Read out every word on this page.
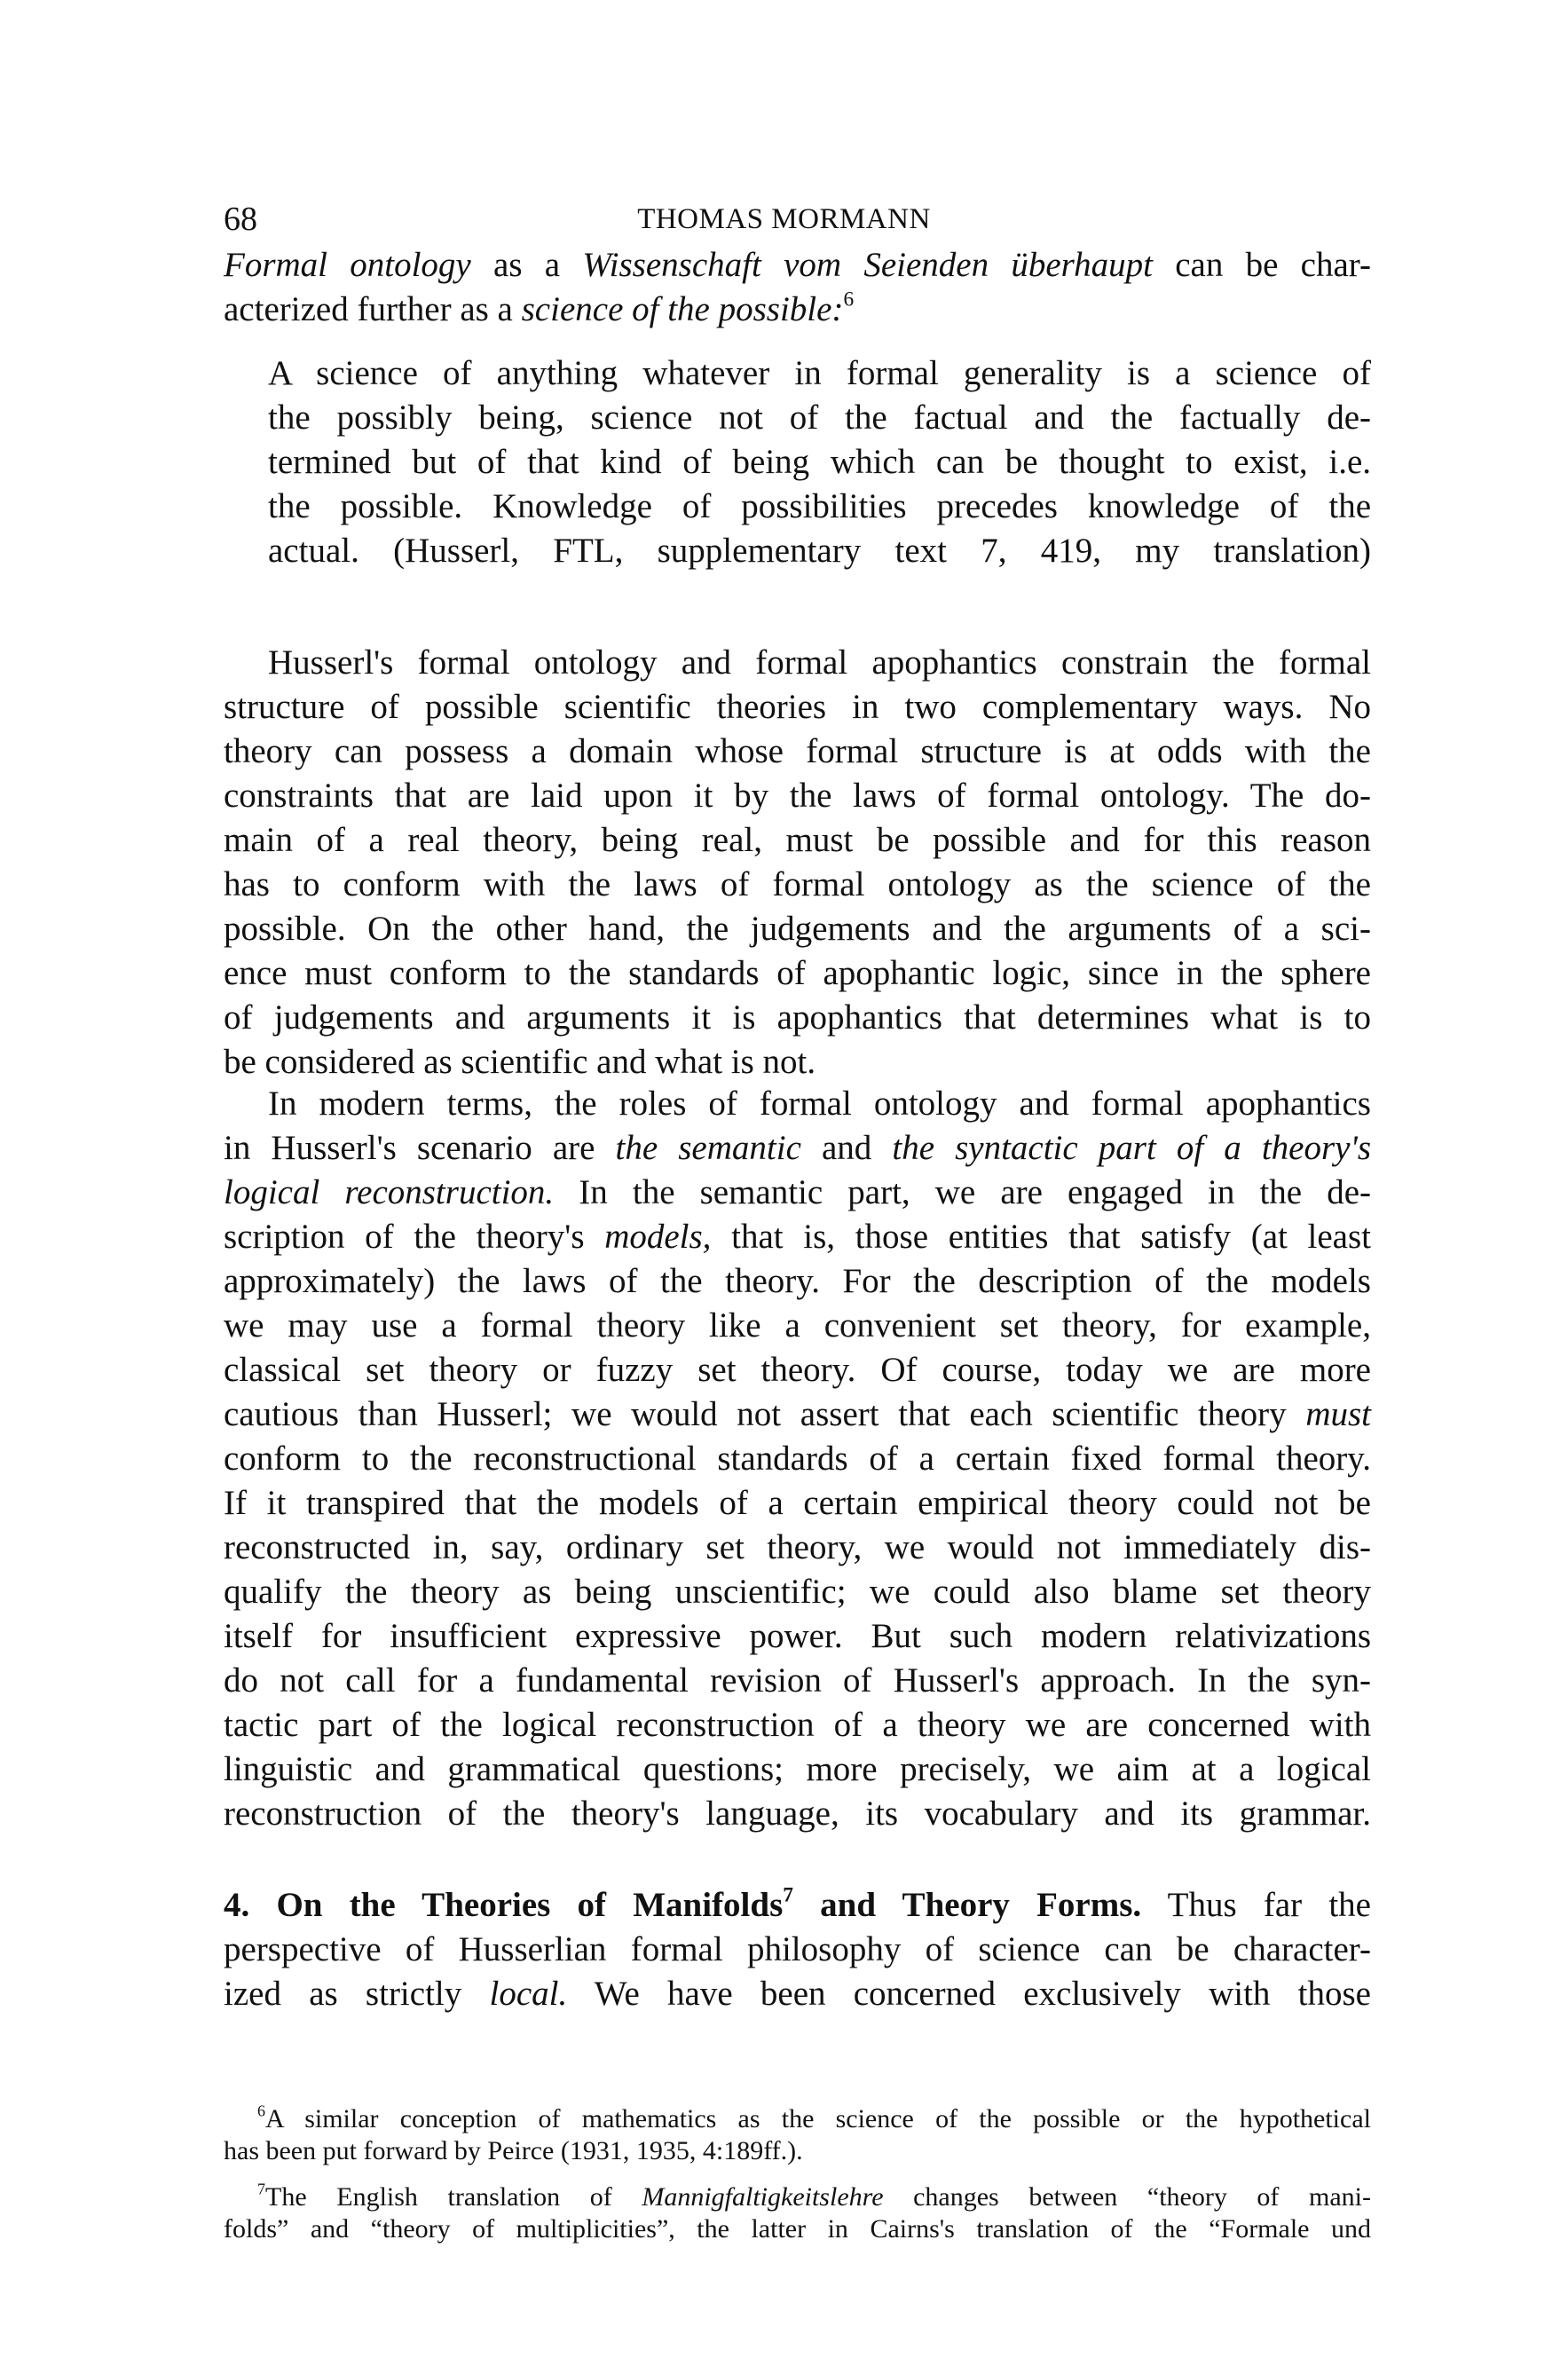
68	THOMAS MORMANN
Formal ontology as a Wissenschaft vom Seienden überhaupt can be char-
acterized further as a science of the possible:$^6$
A science of anything whatever in formal generality is a science of
the possibly being, science not of the factual and the factually de-
termined but of that kind of being which can be thought to exist, i.e.
the possible. Knowledge of possibilities precedes knowledge of the
actual. (Husserl, FTL, supplementary text 7, 419, my translation)
Husserl's formal ontology and formal apophantics constrain the formal
structure of possible scientific theories in two complementary ways. No
theory can possess a domain whose formal structure is at odds with the
constraints that are laid upon it by the laws of formal ontology. The do-
main of a real theory, being real, must be possible and for this reason
has to conform with the laws of formal ontology as the science of the
possible. On the other hand, the judgements and the arguments of a sci-
ence must conform to the standards of apophantic logic, since in the sphere
of judgements and arguments it is apophantics that determines what is to
be considered as scientific and what is not.
In modern terms, the roles of formal ontology and formal apophantics
in Husserl's scenario are the semantic and the syntactic part of a theory's
logical reconstruction. In the semantic part, we are engaged in the de-
scription of the theory's models, that is, those entities that satisfy (at least
approximately) the laws of the theory. For the description of the models
we may use a formal theory like a convenient set theory, for example,
classical set theory or fuzzy set theory. Of course, today we are more
cautious than Husserl; we would not assert that each scientific theory must
conform to the reconstructional standards of a certain fixed formal theory.
If it transpired that the models of a certain empirical theory could not be
reconstructed in, say, ordinary set theory, we would not immediately dis-
qualify the theory as being unscientific; we could also blame set theory
itself for insufficient expressive power. But such modern relativizations
do not call for a fundamental revision of Husserl's approach. In the syn-
tactic part of the logical reconstruction of a theory we are concerned with
linguistic and grammatical questions; more precisely, we aim at a logical
reconstruction of the theory's language, its vocabulary and its grammar.
4. On the Theories of Manifolds$^7$ and Theory Forms. Thus far the
perspective of Husserlian formal philosophy of science can be character-
ized as strictly local. We have been concerned exclusively with those
$^6$A similar conception of mathematics as the science of the possible or the hypothetical
has been put forward by Peirce (1931, 1935, 4:189ff.).
$^7$The English translation of Mannigfaltigkeitslehre changes between “theory of mani-
folds” and “theory of multiplicities”, the latter in Cairns's translation of the “Formale und
